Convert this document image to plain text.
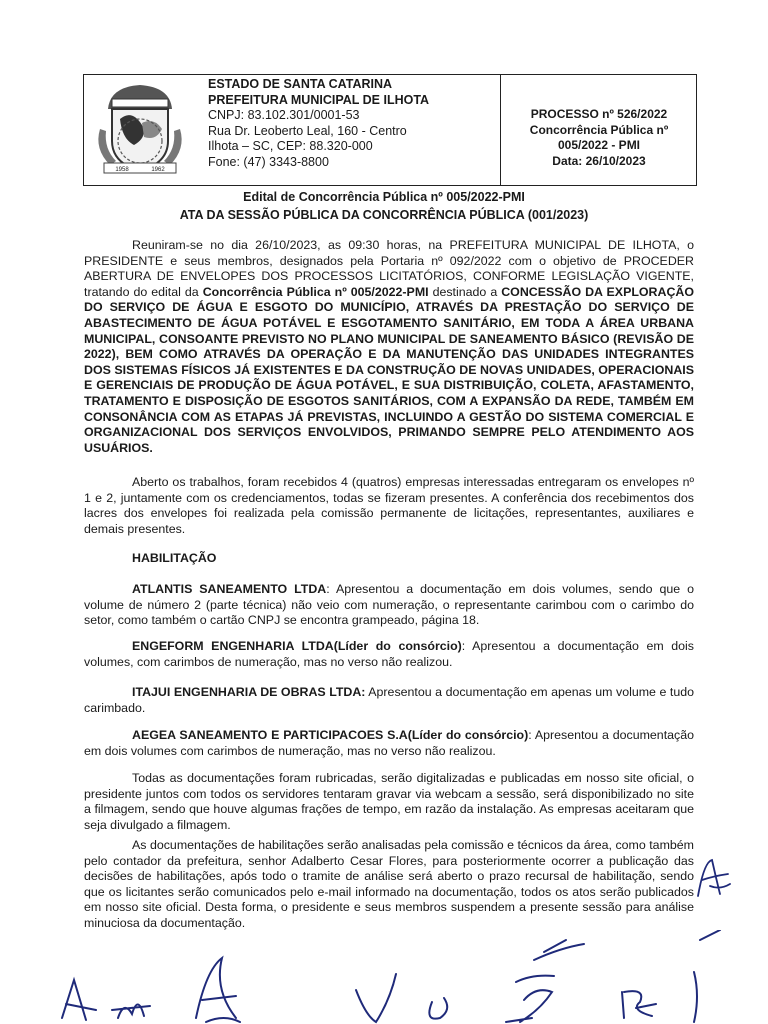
1958	1962
ESTADO DE SANTA CATARINA
PREFEITURA MUNICIPAL DE ILHOTA
CNPJ: 83.102.301/0001-53
Rua Dr. Leoberto Leal, 160 - Centro
Ilhota – SC, CEP: 88.320-000
Fone: (47) 3343-8800
PROCESSO nº 526/2022
Concorrência Pública nº
005/2022 - PMI
Data: 26/10/2023
Edital de Concorrência Pública nº 005/2022-PMI
ATA DA SESSÃO PÚBLICA DA CONCORRÊNCIA PÚBLICA (001/2023)
Reuniram-se no dia 26/10/2023, as 09:30 horas, na PREFEITURA MUNICIPAL DE ILHOTA, o PRESIDENTE e seus membros, designados pela Portaria nº 092/2022 com o objetivo de PROCEDER ABERTURA DE ENVELOPES DOS PROCESSOS LICITATÓRIOS, CONFORME LEGISLAÇÃO VIGENTE, tratando do edital da Concorrência Pública nº 005/2022-PMI destinado a CONCESSÃO DA EXPLORAÇÃO DO SERVIÇO DE ÁGUA E ESGOTO DO MUNICÍPIO, ATRAVÉS DA PRESTAÇÃO DO SERVIÇO DE ABASTECIMENTO DE ÁGUA POTÁVEL E ESGOTAMENTO SANITÁRIO, EM TODA A ÁREA URBANA MUNICIPAL, CONSOANTE PREVISTO NO PLANO MUNICIPAL DE SANEAMENTO BÁSICO (REVISÃO DE 2022), BEM COMO ATRAVÉS DA OPERAÇÃO E DA MANUTENÇÃO DAS UNIDADES INTEGRANTES DOS SISTEMAS FÍSICOS JÁ EXISTENTES E DA CONSTRUÇÃO DE NOVAS UNIDADES, OPERACIONAIS E GERENCIAIS DE PRODUÇÃO DE ÁGUA POTÁVEL, E SUA DISTRIBUIÇÃO, COLETA, AFASTAMENTO, TRATAMENTO E DISPOSIÇÃO DE ESGOTOS SANITÁRIOS, COM A EXPANSÃO DA REDE, TAMBÉM EM CONSONÂNCIA COM AS ETAPAS JÁ PREVISTAS, INCLUINDO A GESTÃO DO SISTEMA COMERCIAL E ORGANIZACIONAL DOS SERVIÇOS ENVOLVIDOS, PRIMANDO SEMPRE PELO ATENDIMENTO AOS USUÁRIOS.
Aberto os trabalhos, foram recebidos 4 (quatros) empresas interessadas entregaram os envelopes nº 1 e 2, juntamente com os credenciamentos, todas se fizeram presentes. A conferência dos recebimentos dos lacres dos envelopes foi realizada pela comissão permanente de licitações, representantes, auxiliares e demais presentes.
HABILITAÇÃO
ATLANTIS SANEAMENTO LTDA: Apresentou a documentação em dois volumes, sendo que o volume de número 2 (parte técnica) não veio com numeração, o representante carimbou com o carimbo do setor, como também o cartão CNPJ se encontra grampeado, página 18.
ENGEFORM ENGENHARIA LTDA(Líder do consórcio): Apresentou a documentação em dois volumes, com carimbos de numeração, mas no verso não realizou.
ITAJUI ENGENHARIA DE OBRAS LTDA: Apresentou a documentação em apenas um volume e tudo carimbado.
AEGEA SANEAMENTO E PARTICIPACOES S.A(Líder do consórcio): Apresentou a documentação em dois volumes com carimbos de numeração, mas no verso não realizou.
Todas as documentações foram rubricadas, serão digitalizadas e publicadas em nosso site oficial, o presidente juntos com todos os servidores tentaram gravar via webcam a sessão, será disponibilizado no site a filmagem, sendo que houve algumas frações de tempo, em razão da instalação. As empresas aceitaram que seja divulgado a filmagem.
As documentações de habilitações serão analisadas pela comissão e técnicos da área, como também pelo contador da prefeitura, senhor Adalberto Cesar Flores, para posteriormente ocorrer a publicação das decisões de habilitações, após todo o tramite de análise será aberto o prazo recursal de habilitação, sendo que os licitantes serão comunicados pelo e-mail informado na documentação, todos os atos serão publicados em nosso site oficial. Desta forma, o presidente e seus membros suspendem a presente sessão para análise minuciosa da documentação.
